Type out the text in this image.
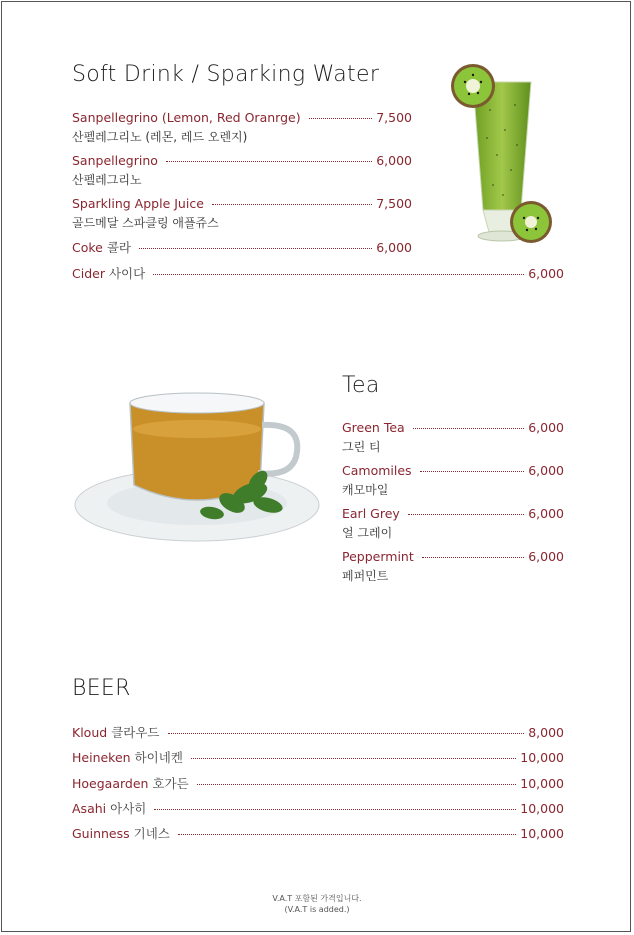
Soft Drink / Sparking Water
Sanpellegrino (Lemon, Red Oranrge)	7,500
산펠레그리노 (레몬, 레드 오렌지)
Sanpellegrino	6,000
산펠레그리노
Sparkling Apple Juice	7,500
골드메달 스파클링 애플쥬스
Coke 콜라	6,000
Cider 사이다	6,000
Tea
Green Tea	6,000
그린 티
Camomiles	6,000
캐모마일
Earl Grey	6,000
얼 그레이
Peppermint	6,000
페퍼민트
BEER
Kloud 클라우드	8,000
Heineken 하이네켄	10,000
Hoegaarden 호가든	10,000
Asahi 아사히	10,000
Guinness 기네스	10,000
V.A.T 포함된 가격입니다.
(V.A.T is added.)
